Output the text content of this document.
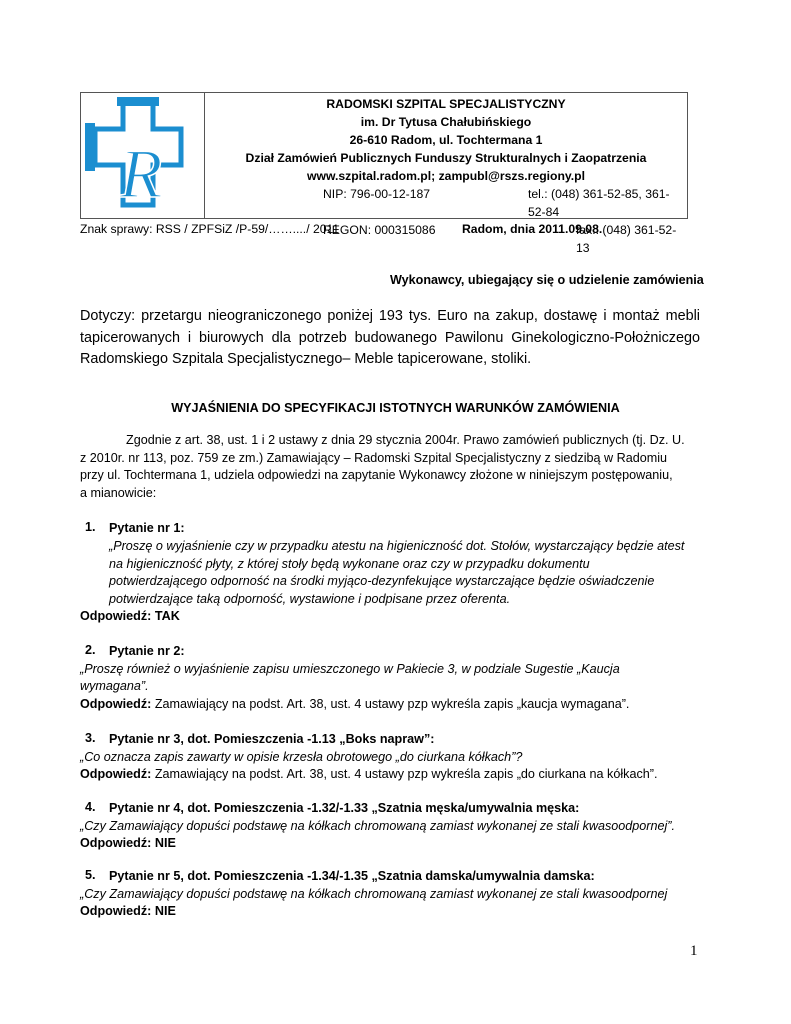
R
RADOMSKI SZPITAL SPECJALISTYCZNY
im. Dr Tytusa Chałubińskiego
26-610 Radom, ul. Tochtermana 1
Dział Zamówień Publicznych Funduszy Strukturalnych i Zaopatrzenia
www.szpital.radom.pl; zampubl@rszs.regiony.pl
NIP: 796-00-12-187	tel.: (048) 361-52-85, 361-52-84
REGON: 000315086	fax.: (048) 361-52-13
Znak sprawy: RSS / ZPFSiZ /P-59/……..../ 2011	Radom, dnia 2011.09.08.
Wykonawcy, ubiegający się o udzielenie zamówienia
Dotyczy: przetargu nieograniczonego poniżej 193 tys. Euro na zakup, dostawę i montaż mebli
tapicerowanych i biurowych dla potrzeb budowanego Pawilonu Ginekologiczno-Położniczego
Radomskiego Szpitala Specjalistycznego– Meble tapicerowane, stoliki.
WYJAŚNIENIA DO SPECYFIKACJI ISTOTNYCH WARUNKÓW ZAMÓWIENIA
Zgodnie z art. 38, ust. 1 i 2 ustawy z dnia 29 stycznia 2004r. Prawo zamówień publicznych (tj. Dz. U.
z 2010r. nr 113, poz. 759 ze zm.) Zamawiający – Radomski Szpital Specjalistyczny z siedzibą w Radomiu
przy ul. Tochtermana 1, udziela odpowiedzi na zapytanie Wykonawcy złożone w niniejszym postępowaniu,
a mianowicie:
1. Pytanie nr 1:
„Proszę o wyjaśnienie czy w przypadku atestu na higieniczność dot. Stołów, wystarczający będzie atest
na higieniczność płyty, z której stoły będą wykonane oraz czy w przypadku dokumentu
potwierdzającego odporność na środki myjąco-dezynfekujące wystarczające będzie oświadczenie
potwierdzające taką odporność, wystawione i podpisane przez oferenta.
Odpowiedź: TAK
2. Pytanie nr 2:
„Proszę również o wyjaśnienie zapisu umieszczonego w Pakiecie 3, w podziale Sugestie „Kaucja
wymagana”.
Odpowiedź: Zamawiający na podst. Art. 38, ust. 4 ustawy pzp wykreśla zapis „kaucja wymagana”.
3. Pytanie nr 3, dot. Pomieszczenia -1.13 „Boks napraw”:
„Co oznacza zapis zawarty w opisie krzesła obrotowego „do ciurkana kółkach”?
Odpowiedź: Zamawiający na podst. Art. 38, ust. 4 ustawy pzp wykreśla zapis „do ciurkana na kółkach”.
4. Pytanie nr 4, dot. Pomieszczenia -1.32/-1.33 „Szatnia męska/umywalnia męska:
„Czy Zamawiający dopuści podstawę na kółkach chromowaną zamiast wykonanej ze stali kwasoodpornej”.
Odpowiedź: NIE
5. Pytanie nr 5, dot. Pomieszczenia -1.34/-1.35 „Szatnia damska/umywalnia damska:
„Czy Zamawiający dopuści podstawę na kółkach chromowaną zamiast wykonanej ze stali kwasoodpornej
Odpowiedź: NIE
1
